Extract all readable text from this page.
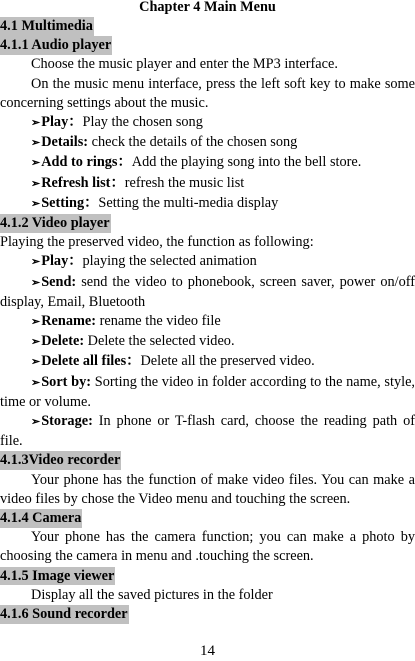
Chapter 4 Main Menu
4.1 Multimedia
4.1.1 Audio player
Choose the music player and enter the MP3 interface.

On the music menu interface, press the left soft key to make some concerning settings about the music.

➢Play：Play the chosen song
➢Details: check the details of the chosen song
➢Add to rings：Add the playing song into the bell store.
➢Refresh list：refresh the music list
➢Setting：Setting the multi-media display
4.1.2 Video player
Playing the preserved video, the function as following:
➢Play：playing the selected animation

➢Send: send the video to phonebook, screen saver, power on/off display, Email, Bluetooth

➢Rename: rename the video file
➢Delete: Delete the selected video.
➢Delete all files：Delete all the preserved video.

➢Sort by: Sorting the video in folder according to the name, style, time or volume.

➢Storage: In phone or T-flash card, choose the reading path of file.

4.1.3Video recorder

Your phone has the function of make video files. You can make a video files by chose the Video menu and touching the screen.

4.1.4 Camera

Your phone has the camera function; you can make a photo by choosing the camera in menu and .touching the screen.

4.1.5 Image viewer
Display all the saved pictures in the folder
4.1.6 Sound recorder
14
